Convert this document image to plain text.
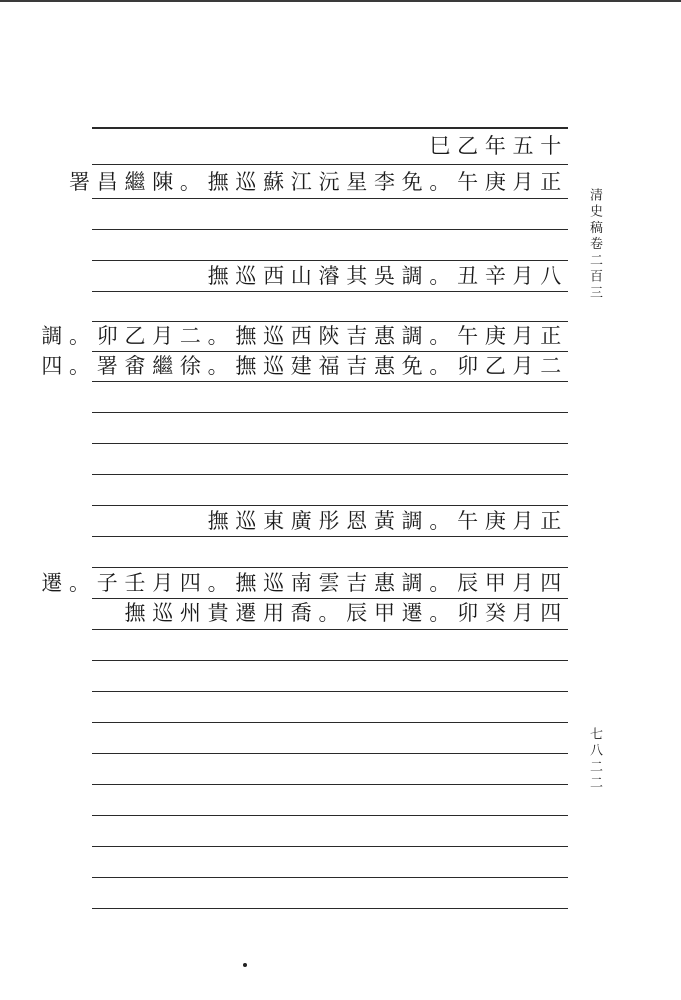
巳乙年五十
署昌繼陳。撫巡蘇江沅星李免。午庚月正
撫巡西山濬其吳調。丑辛月八
調。卯乙月二。撫巡西陝吉惠調。午庚月正
四。署畬繼徐。撫巡建福吉惠免。卯乙月二
撫巡東廣彤恩黃調。午庚月正
遷。子壬月四。撫巡南雲吉惠調。辰甲月四
撫巡州貴遷用喬。辰甲遷。卯癸月四
清史稿卷二百三
七八二二
